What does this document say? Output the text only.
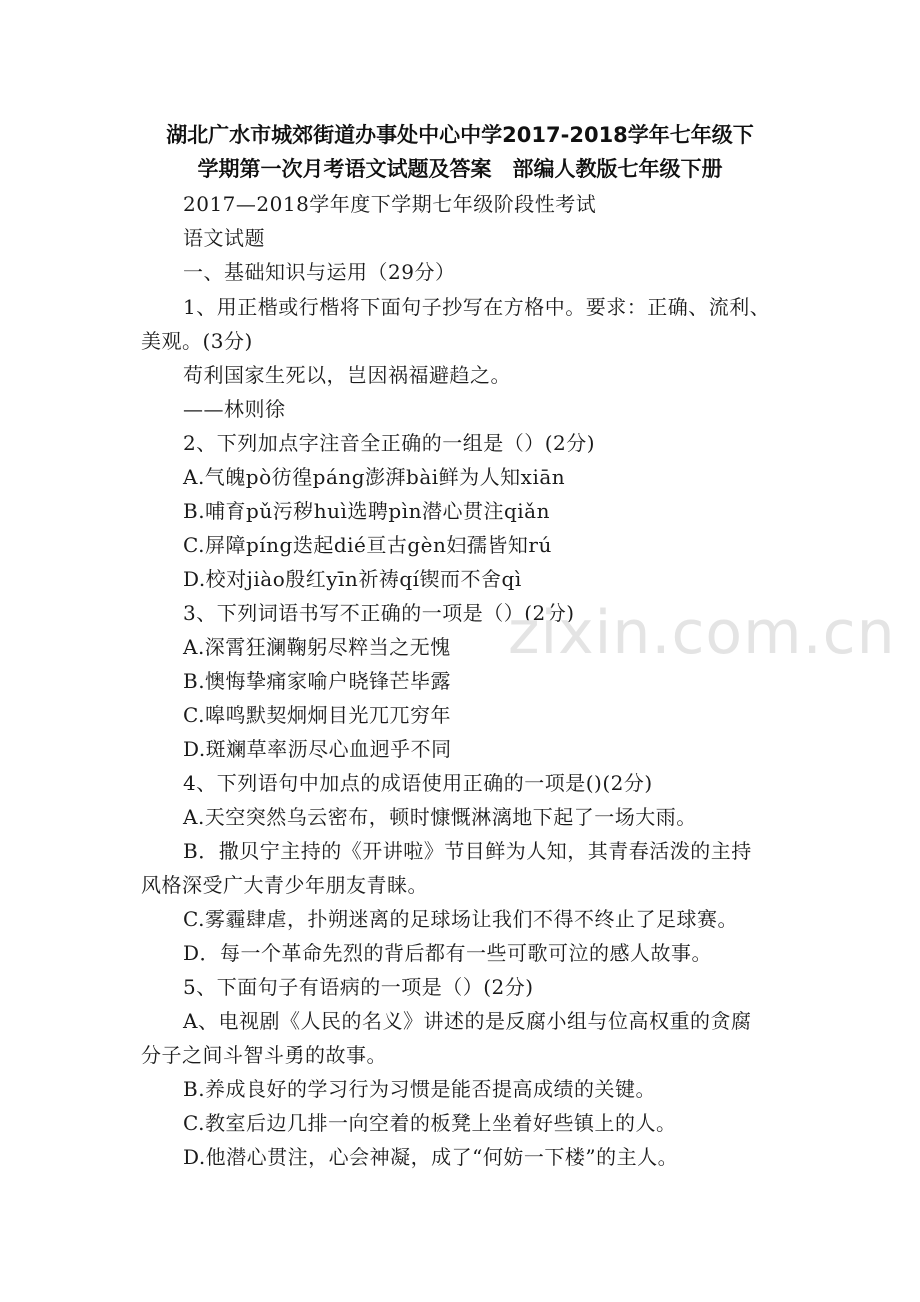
湖北广水市城郊街道办事处中心中学2017-2018学年七年级下
学期第一次月考语文试题及答案　部编人教版七年级下册
2017—2018学年度下学期七年级阶段性考试
语文试题
一、基础知识与运用（29分）
1、用正楷或行楷将下面句子抄写在方格中。要求：正确、流利、
美观。(3分)
苟利国家生死以，岂因祸福避趋之。
——林则徐
2、下列加点字注音全正确的一组是（）(2分)
A.气魄pò彷徨páng澎湃bài鲜为人知xiān
B.哺育pǔ污秽huì选聘pìn潜心贯注qiǎn
C.屏障píng迭起dié亘古gèn妇孺皆知rú
D.校对jiào殷红yīn祈祷qí锲而不舍qì
3、下列词语书写不正确的一项是（）(2分)
A.深霄狂澜鞠躬尽粹当之无愧
B.懊悔挚痛家喻户晓锋芒毕露
C.嗥鸣默契炯炯目光兀兀穷年
D.斑斓草率沥尽心血迥乎不同
4、下列语句中加点的成语使用正确的一项是()(2分)
A.天空突然乌云密布，顿时慷慨淋漓地下起了一场大雨。
B．撒贝宁主持的《开讲啦》节目鲜为人知，其青春活泼的主持
风格深受广大青少年朋友青睐。
C.雾霾肆虐，扑朔迷离的足球场让我们不得不终止了足球赛。
D．每一个革命先烈的背后都有一些可歌可泣的感人故事。
5、下面句子有语病的一项是（）(2分)
A、电视剧《人民的名义》讲述的是反腐小组与位高权重的贪腐
分子之间斗智斗勇的故事。
B.养成良好的学习行为习惯是能否提高成绩的关键。
C.教室后边几排一向空着的板凳上坐着好些镇上的人。
D.他潜心贯注，心会神凝，成了“何妨一下楼”的主人。
zixin.com.cn
